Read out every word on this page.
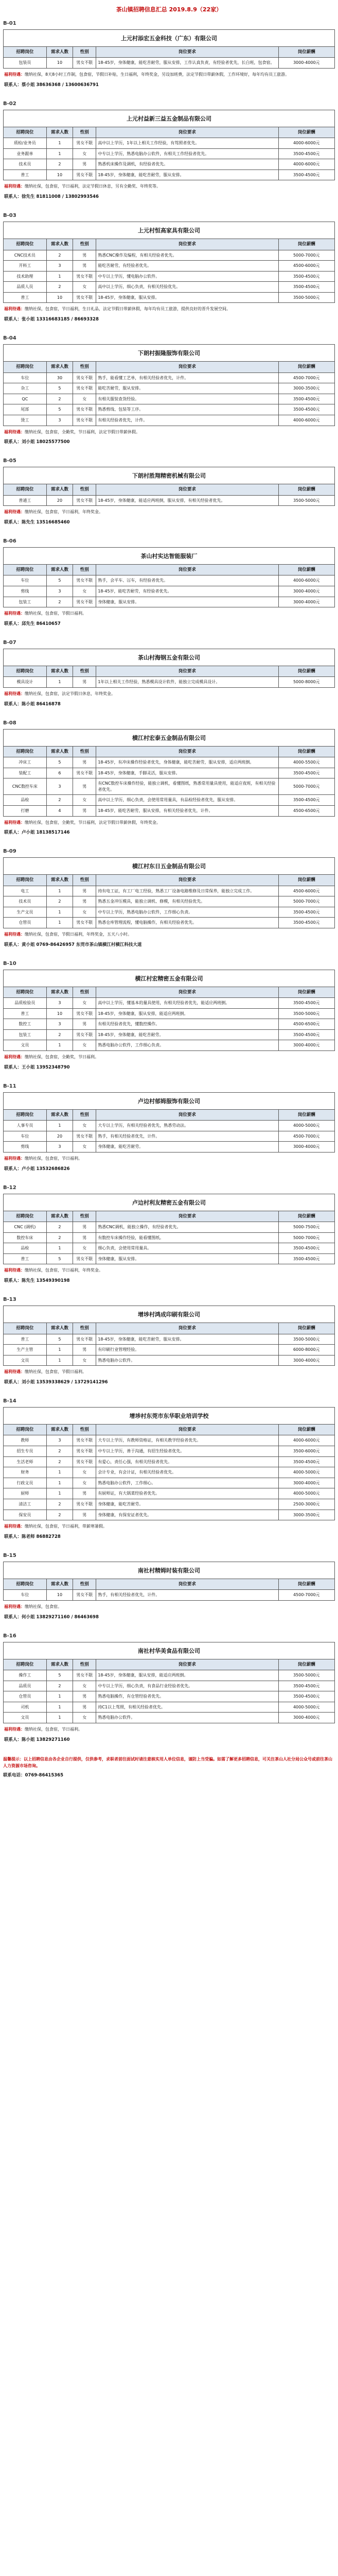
茶山镇招聘信息汇总 2019.8.9（22家）
B-01
上元村添宏五金科技（广东）有限公司
招聘岗位	需求人数	性别	岗位要求	岗位薪酬
包装员	10	男女不限	18-45岁，身体健康，能吃苦耐劳，服从安排，工作认真负责，有经验者优先，长白班，包食宿。	3000-4000元
福利待遇：缴纳社保，8天8小时工作制，包食宿，节假日补贴，生日福利，年终奖金，另设加班费，法定节假日带薪休假，工作环境好，每年均有员工旅游。
联系人：蔡小姐 38636368 / 13600636791
B-02
上元村益新三益五金制品有限公司
招聘岗位	需求人数	性别	岗位要求	岗位薪酬
质检/业务员	1	男女不限	高中以上学历，1年以上相关工作经验，有驾照者优先。	4000-6000元
业务跟单	1	女	中专以上学历，熟悉电脑办公软件，有相关工作经验者优先。	3500-4500元
技术员	2	男	熟悉机床操作及调机，有经验者优先。	4000-6000元
普工	10	男女不限	18-45岁，身体健康，能吃苦耐劳，服从安排。	3500-4500元
福利待遇：缴纳社保，包食宿，节日福利，法定节假日休息，另有全勤奖、年终奖等。
联系人：徐先生 81811008 / 13802993546
B-03
上元村恒高家具有限公司
招聘岗位	需求人数	性别	岗位要求	岗位薪酬
CNC技术员	2	男	熟悉CNC操作及编程，有相关经验者优先。	5000-7000元
开料工	3	男	能吃苦耐劳，有经验者优先。	4500-6000元
技术助理	1	男女不限	中专以上学历，懂电脑办公软件。	3500-4500元
品质人员	2	女	高中以上学历，细心负责，有相关经验优先。	3500-4500元
普工	10	男女不限	18-45岁，身体健康，服从安排。	3500-5000元
福利待遇：缴纳社保，包食宿，节日福利，生日礼品，法定节假日带薪休假，每年均有员工旅游，提供良好的晋升发展空间。
联系人：张小姐 13316683185 / 86693328
B-04
下朗村振隆服饰有限公司
招聘岗位	需求人数	性别	岗位要求	岗位薪酬
车位	30	男女不限	熟手，能看懂工艺单，有相关经验者优先，计件。	4500-7000元
杂工	5	男女不限	能吃苦耐劳，服从安排。	3000-3500元
QC	2	女	有相关服装查货经验。	3500-4500元
尾部	5	男女不限	熟悉剪线、包装等工序。	3500-4500元
烫工	3	男女不限	有相关经验者优先，计件。	4000-6000元
福利待遇：缴纳社保，包食宿，全勤奖，节日福利，法定节假日带薪休假。
联系人：刘小姐 18025577500
B-05
下朗村胜翔精密机械有限公司
招聘岗位	需求人数	性别	岗位要求	岗位薪酬
普通工	20	男女不限	18-45岁，身体健康，能适应两班倒，服从安排，有相关经验者优先。	3500-5000元
福利待遇：缴纳社保，包食宿，节日福利，年终奖金。
联系人：陈先生 13516685460
B-06
茶山村实达智能服装厂
招聘岗位	需求人数	性别	岗位要求	岗位薪酬
车位	5	男女不限	熟手，会平车、冚车，有经验者优先。	4000-6000元
剪线	3	女	18-45岁，能吃苦耐劳，有经验者优先。	3000-4000元
包装工	2	男女不限	身体健康，服从安排。	3000-4000元
福利待遇：缴纳社保，包食宿，节假日福利。
联系人：邱先生 86410657
B-07
茶山村海钢五金有限公司
招聘岗位	需求人数	性别	岗位要求	岗位薪酬
模具设计	1	男	1年以上相关工作经验，熟悉模具设计软件，能独立完成模具设计。	5000-8000元
福利待遇：缴纳社保，包食宿，法定节假日休息，年终奖金。
联系人：陈小姐 86416878
B-08
横江村宏泰五金制品有限公司
招聘岗位	需求人数	性别	岗位要求	岗位薪酬
冲床工	5	男	18-45岁，有冲床操作经验者优先，身体健康，能吃苦耐劳，服从安排，适应两班倒。	4000-5500元
装配工	6	男女不限	18-45岁，身体健康，手脚灵活，服从安排。	3500-4500元
CNC数控车床	3	男	有CNC数控车床操作经验，能独立调机，看懂图纸，熟悉常用量具使用，能适应夜班，有相关经验者优先。	5000-7000元
品检	2	女	高中以上学历，细心负责，会使用常用量具，有品检经验者优先，服从安排。	3500-4500元
打磨	4	男	18-45岁，能吃苦耐劳，服从安排，有相关经验者优先，计件。	4500-6500元
福利待遇：缴纳社保，包食宿，全勤奖，节日福利，法定节假日带薪休假，年终奖金。
联系人：卢小姐 18138517146
B-09
横江村东日五金制品有限公司
招聘岗位	需求人数	性别	岗位要求	岗位薪酬
电工	1	男	持有电工证，有工厂电工经验，熟悉工厂设备电路维修及日常保养，能独立完成工作。	4500-6000元
技术员	2	男	熟悉五金冲压模具，能独立调机、修模，有相关经验优先。	5000-7000元
生产文员	1	女	中专以上学历，熟悉电脑办公软件，工作细心负责。	3500-4500元
仓管员	1	男女不限	熟悉仓库管理流程，懂电脑操作，有相关经验者优先。	3500-4500元
福利待遇：缴纳社保，包食宿，节假日福利，年终奖金，五天八小时。
联系人：黄小姐 0769-86426957 东莞市茶山镇横江村横江科技大道
B-10
横江村宏精密五金有限公司
招聘岗位	需求人数	性别	岗位要求	岗位薪酬
品质检验员	3	女	高中以上学历，懂基本的量具使用，有相关经验者优先，能适应两班倒。	3500-4500元
普工	10	男女不限	18-45岁，身体健康，服从安排，能适应两班倒。	3500-5000元
数控工	3	男	有相关经验者优先，懂数控操作。	4500-6500元
包装工	2	男女不限	18-45岁，身体健康，能吃苦耐劳。	3500-4500元
文员	1	女	熟悉电脑办公软件，工作细心负责。	3000-4000元
福利待遇：缴纳社保，包食宿，全勤奖，节日福利。
联系人：王小姐 13952348790
B-11
卢边村郁姆服饰有限公司
招聘岗位	需求人数	性别	岗位要求	岗位薪酬
人事专员	1	女	大专以上学历，有相关经验者优先，熟悉劳动法。	4000-5000元
车位	20	男女不限	熟手，有相关经验者优先，计件。	4500-7000元
剪线	3	女	身体健康，能吃苦耐劳。	3000-4000元
福利待遇：缴纳社保，包食宿，节日福利。
联系人：卢小姐 13532686826
B-12
卢边村利友精密五金有限公司
招聘岗位	需求人数	性别	岗位要求	岗位薪酬
CNC (调机)	2	男	熟悉CNC调机，能独立操作，有经验者优先。	5000-7500元
数控车床	2	男	有数控车床操作经验，能看懂图纸。	5000-7000元
品检	1	女	细心负责，会使用常用量具。	3500-4500元
普工	5	男女不限	身体健康，服从安排。	3500-4500元
福利待遇：缴纳社保，包食宿，节日福利，年终奖金。
联系人：陈先生 13549390198
B-13
增埗村鸿成印刷有限公司
招聘岗位	需求人数	性别	岗位要求	岗位薪酬
普工	5	男女不限	18-45岁，身体健康，能吃苦耐劳，服从安排。	3500-5000元
生产主管	1	男	有印刷行业管理经验。	6000-8000元
文员	1	女	熟悉电脑办公软件。	3000-4000元
福利待遇：缴纳社保，包食宿，节假日福利。
联系人：刘小姐 13539338629 / 13729141296
B-14
增埗村东莞市东华职业培训学校
招聘岗位	需求人数	性别	岗位要求	岗位薪酬
教师	3	男女不限	大专以上学历，有教师资格证，有相关教学经验者优先。	4000-6000元
招生专员	2	男女不限	中专以上学历，善于沟通，有招生经验者优先。	3500-6000元
生活老师	2	男女不限	有爱心，责任心强，有相关经验者优先。	3500-4500元
财务	1	女	会计专业，有会计证，有相关经验者优先。	4000-5000元
行政文员	1	女	熟悉电脑办公软件，工作细心。	3000-4000元
厨师	1	男	有厨师证，有大锅菜经验者优先。	4000-5000元
清洁工	2	男女不限	身体健康，能吃苦耐劳。	2500-3000元
保安员	2	男	身体健康，有保安证者优先。	3000-3500元
福利待遇：缴纳社保，包食宿，节日福利，带薪寒暑假。
联系人：陈老师 86882728
B-15
南社村精姆时装有限公司
招聘岗位	需求人数	性别	岗位要求	岗位薪酬
车位	10	男女不限	熟手，有相关经验者优先，计件。	4500-7000元
福利待遇：缴纳社保，包食宿。
联系人：何小姐 13829271160 / 86463698
B-16
南社村华美食品有限公司
招聘岗位	需求人数	性别	岗位要求	岗位薪酬
操作工	5	男女不限	18-45岁，身体健康，服从安排，能适应两班倒。	3500-5000元
品质员	2	女	中专以上学历，细心负责，有食品行业经验者优先。	3500-4500元
仓管员	1	男	熟悉电脑操作，有仓管经验者优先。	3500-4500元
司机	1	男	持C1以上驾照，有相关经验者优先。	4000-5000元
文员	1	女	熟悉电脑办公软件。	3000-4000元
福利待遇：缴纳社保，包食宿，节日福利。
联系人：陈小姐 13829271160
温馨提示：以上招聘信息由各企业自行提供，仅供参考，求职者前往面试时请注意核实用人单位信息，谨防上当受骗。如需了解更多招聘信息，可关注茶山人社分局公众号或前往茶山人力资源市场咨询。
联系电话：0769-86415365
